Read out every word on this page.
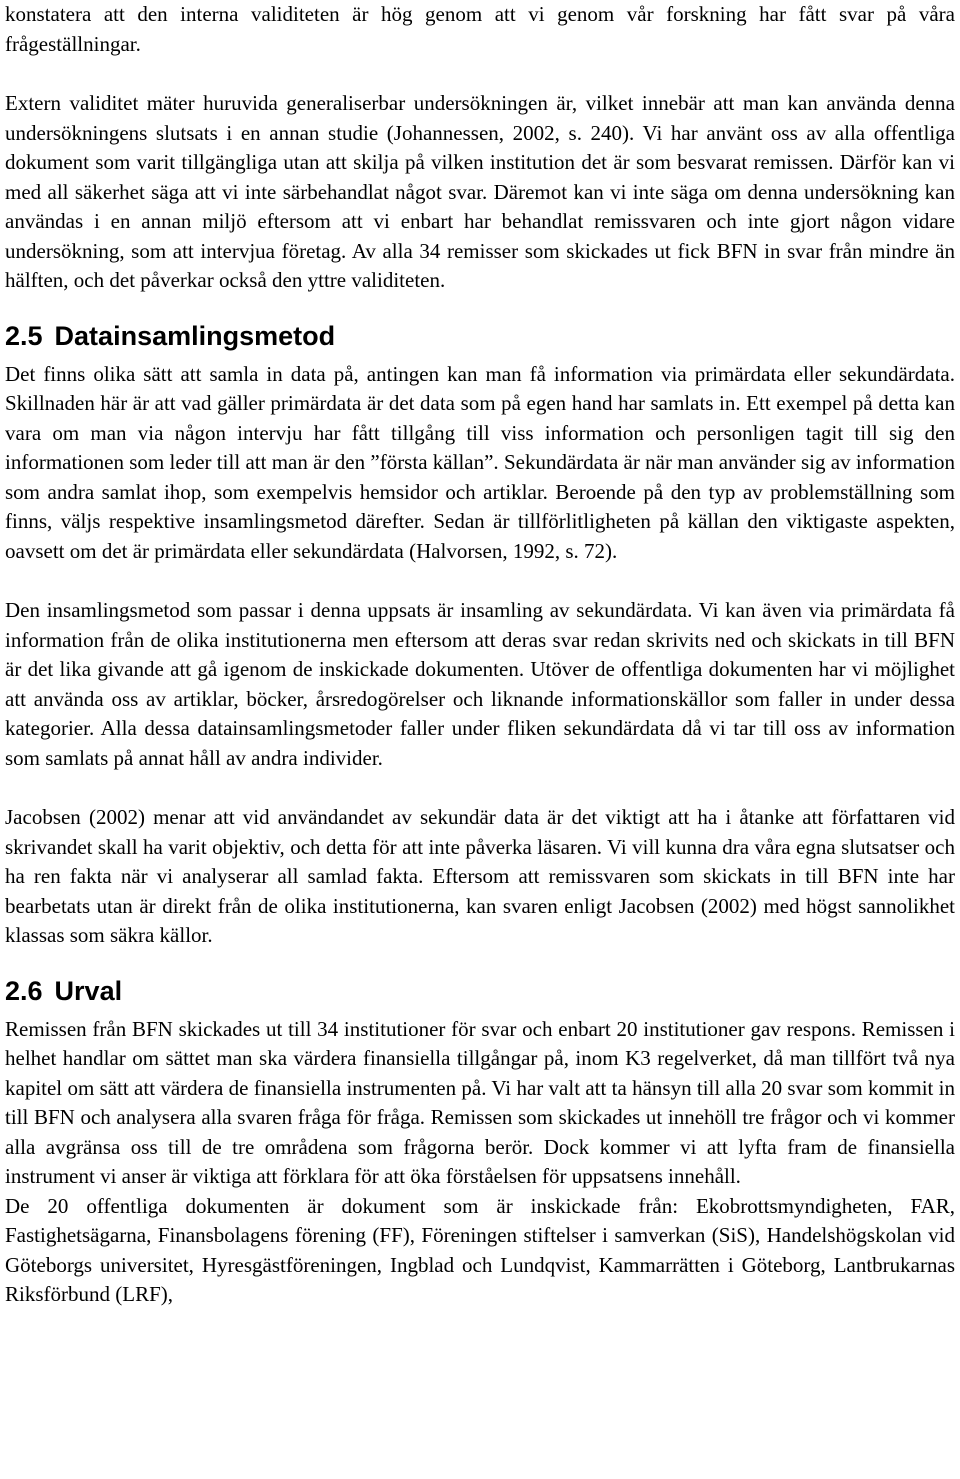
konstatera att den interna validiteten är hög genom att vi genom vår forskning har fått svar på våra frågeställningar.

Extern validitet mäter huruvida generaliserbar undersökningen är, vilket innebär att man kan använda denna undersökningens slutsats i en annan studie (Johannessen, 2002, s. 240). Vi har använt oss av alla offentliga dokument som varit tillgängliga utan att skilja på vilken institution det är som besvarat remissen. Därför kan vi med all säkerhet säga att vi inte särbehandlat något svar. Däremot kan vi inte säga om denna undersökning kan användas i en annan miljö eftersom att vi enbart har behandlat remissvaren och inte gjort någon vidare undersökning, som att intervjua företag. Av alla 34 remisser som skickades ut fick BFN in svar från mindre än hälften, och det påverkar också den yttre validiteten.

2.5 Datainsamlingsmetod

Det finns olika sätt att samla in data på, antingen kan man få information via primärdata eller sekundärdata. Skillnaden här är att vad gäller primärdata är det data som på egen hand har samlats in. Ett exempel på detta kan vara om man via någon intervju har fått tillgång till viss information och personligen tagit till sig den informationen som leder till att man är den ”första källan”. Sekundärdata är när man använder sig av information som andra samlat ihop, som exempelvis hemsidor och artiklar. Beroende på den typ av problemställning som finns, väljs respektive insamlingsmetod därefter. Sedan är tillförlitligheten på källan den viktigaste aspekten, oavsett om det är primärdata eller sekundärdata (Halvorsen, 1992, s. 72).

Den insamlingsmetod som passar i denna uppsats är insamling av sekundärdata. Vi kan även via primärdata få information från de olika institutionerna men eftersom att deras svar redan skrivits ned och skickats in till BFN är det lika givande att gå igenom de inskickade dokumenten. Utöver de offentliga dokumenten har vi möjlighet att använda oss av artiklar, böcker, årsredogörelser och liknande informationskällor som faller in under dessa kategorier. Alla dessa datainsamlingsmetoder faller under fliken sekundärdata då vi tar till oss av information som samlats på annat håll av andra individer.

Jacobsen (2002) menar att vid användandet av sekundär data är det viktigt att ha i åtanke att författaren vid skrivandet skall ha varit objektiv, och detta för att inte påverka läsaren. Vi vill kunna dra våra egna slutsatser och ha ren fakta när vi analyserar all samlad fakta. Eftersom att remissvaren som skickats in till BFN inte har bearbetats utan är direkt från de olika institutionerna, kan svaren enligt Jacobsen (2002) med högst sannolikhet klassas som säkra källor.

2.6 Urval

Remissen från BFN skickades ut till 34 institutioner för svar och enbart 20 institutioner gav respons. Remissen i helhet handlar om sättet man ska värdera finansiella tillgångar på, inom K3 regelverket, då man tillfört två nya kapitel om sätt att värdera de finansiella instrumenten på. Vi har valt att ta hänsyn till alla 20 svar som kommit in till BFN och analysera alla svaren fråga för fråga. Remissen som skickades ut innehöll tre frågor och vi kommer alla avgränsa oss till de tre områdena som frågorna berör. Dock kommer vi att lyfta fram de finansiella instrument vi anser är viktiga att förklara för att öka förståelsen för uppsatsens innehåll.

De 20 offentliga dokumenten är dokument som är inskickade från: Ekobrottsmyndigheten, FAR, Fastighetsägarna, Finansbolagens förening (FF), Föreningen stiftelser i samverkan (SiS), Handelshögskolan vid Göteborgs universitet, Hyresgästföreningen, Ingblad och Lundqvist, Kammarrätten i Göteborg, Lantbrukarnas Riksförbund (LRF),
